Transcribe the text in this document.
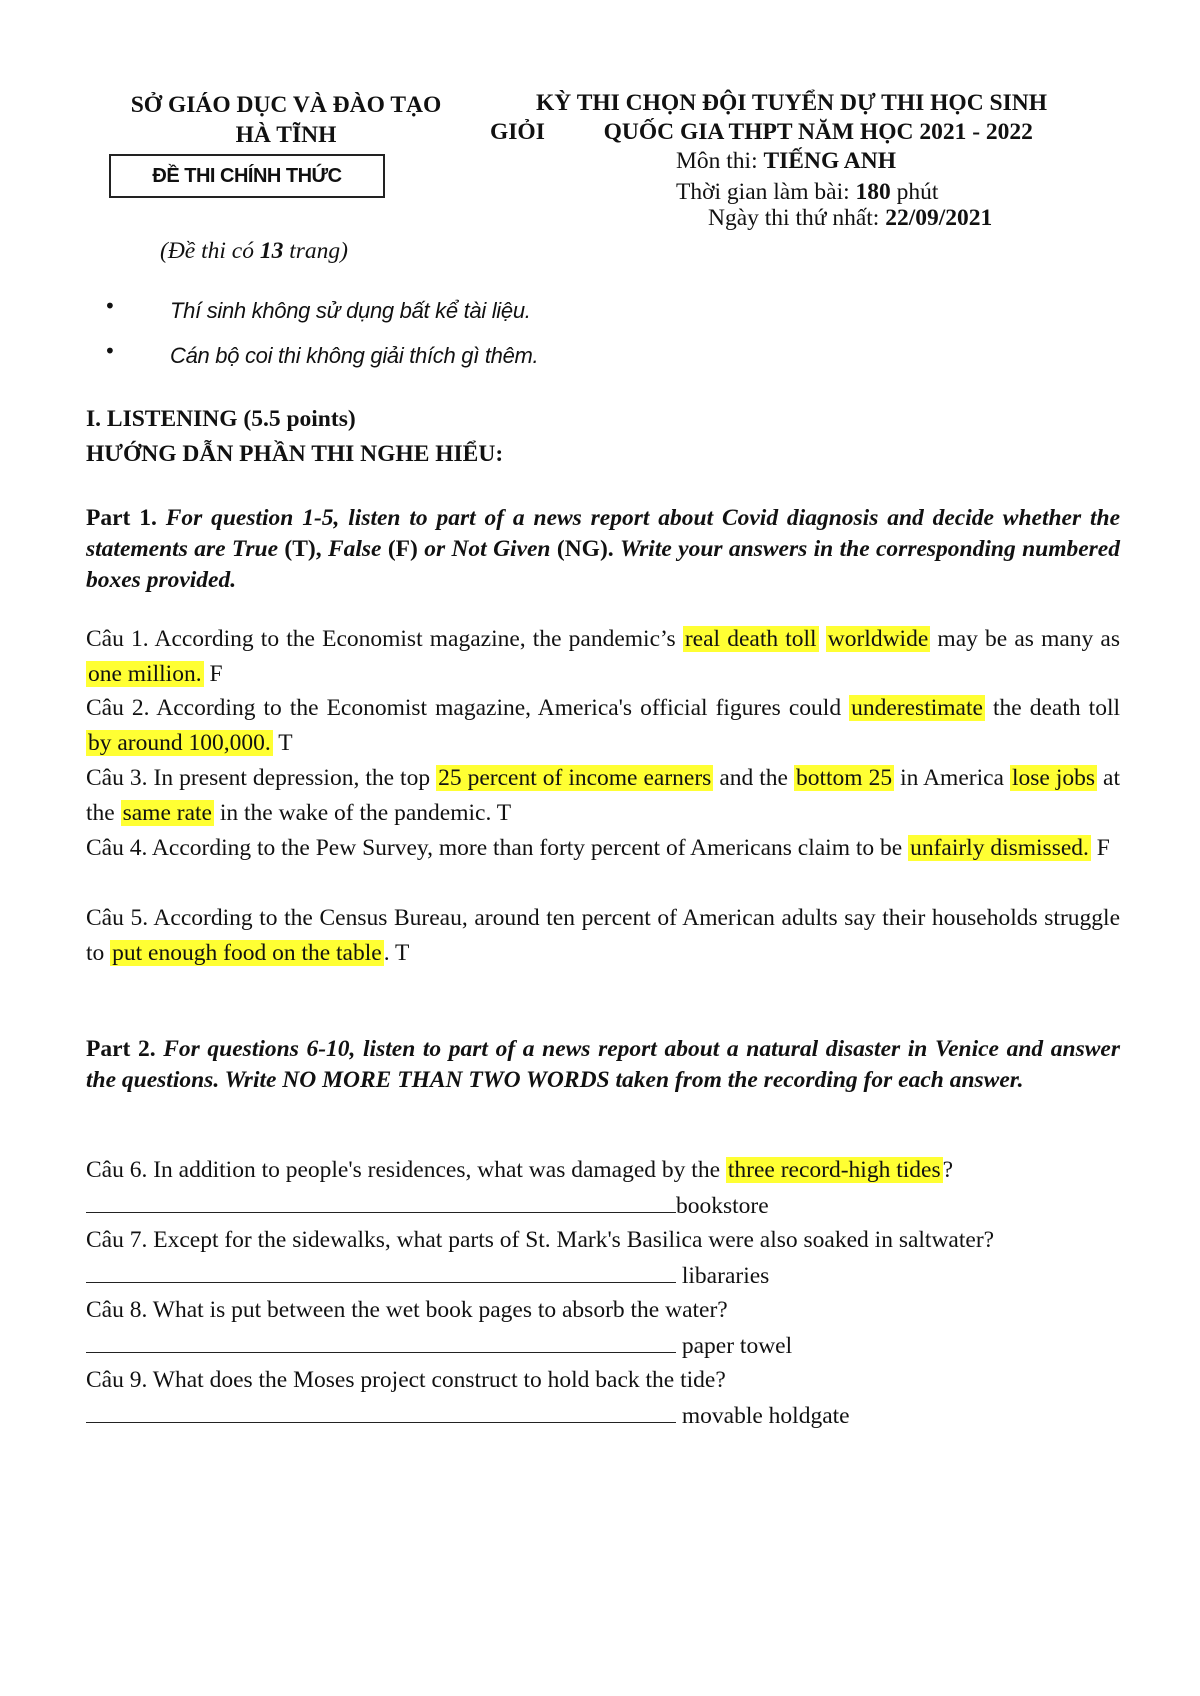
SỞ GIÁO DỤC VÀ ĐÀO TẠO
HÀ TĨNH
KỲ THI CHỌN ĐỘI TUYỂN DỰ THI HỌC SINH
GIỎI          QUỐC GIA THPT NĂM HỌC 2021 - 2022
ĐỀ THI CHÍNH THỨC
Môn thi: TIẾNG ANH
Thời gian làm bài: 180 phút
Ngày thi thứ nhất: 22/09/2021
(Đề thi có 13 trang)
• Thí sinh không sử dụng bất kể tài liệu.
• Cán bộ coi thi không giải thích gì thêm.
I. LISTENING (5.5 points)
HƯỚNG DẪN PHẦN THI NGHE HIỂU:
Part 1. For question 1-5, listen to part of a news report about Covid diagnosis and decide whether the statements are True (T), False (F) or Not Given (NG). Write your answers in the corresponding numbered boxes provided.
Câu 1. According to the Economist magazine, the pandemic’s real death toll worldwide may be as many as one million. F
Câu 2. According to the Economist magazine, America's official figures could underestimate the death toll by around 100,000. T
Câu 3. In present depression, the top 25 percent of income earners and the bottom 25 in America lose jobs at the same rate in the wake of the pandemic. T
Câu 4. According to the Pew Survey, more than forty percent of Americans claim to be unfairly dismissed. F
Câu 5. According to the Census Bureau, around ten percent of American adults say their households struggle to put enough food on the table. T
Part 2. For questions 6-10, listen to part of a news report about a natural disaster in Venice and answer the questions. Write NO MORE THAN TWO WORDS taken from the recording for each answer.
Câu 6. In addition to people's residences, what was damaged by the three record-high tides?
bookstore
Câu 7. Except for the sidewalks, what parts of St. Mark's Basilica were also soaked in saltwater?
libararies
Câu 8. What is put between the wet book pages to absorb the water?
paper towel
Câu 9. What does the Moses project construct to hold back the tide?
movable holdgate
